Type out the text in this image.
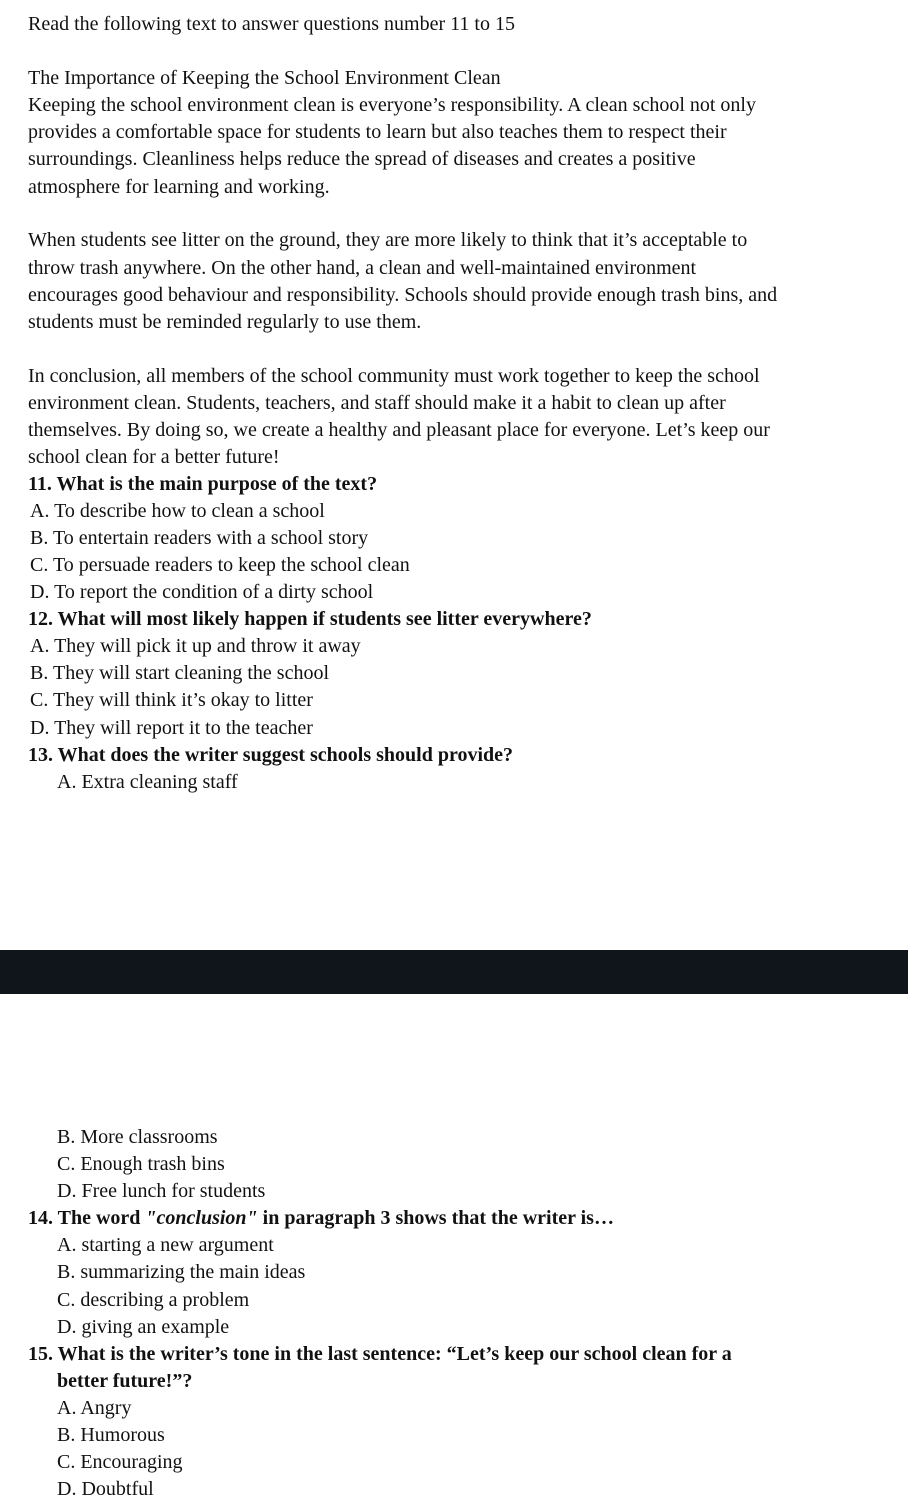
Read the following text to answer questions number 11 to 15
The Importance of Keeping the School Environment Clean
Keeping the school environment clean is everyone’s responsibility. A clean school not only
provides a comfortable space for students to learn but also teaches them to respect their
surroundings. Cleanliness helps reduce the spread of diseases and creates a positive
atmosphere for learning and working.
When students see litter on the ground, they are more likely to think that it’s acceptable to
throw trash anywhere. On the other hand, a clean and well-maintained environment
encourages good behaviour and responsibility. Schools should provide enough trash bins, and
students must be reminded regularly to use them.
In conclusion, all members of the school community must work together to keep the school
environment clean. Students, teachers, and staff should make it a habit to clean up after
themselves. By doing so, we create a healthy and pleasant place for everyone. Let’s keep our
school clean for a better future!
11. What is the main purpose of the text?
A. To describe how to clean a school
B. To entertain readers with a school story
C. To persuade readers to keep the school clean
D. To report the condition of a dirty school
12. What will most likely happen if students see litter everywhere?
A. They will pick it up and throw it away
B. They will start cleaning the school
C. They will think it’s okay to litter
D. They will report it to the teacher
13. What does the writer suggest schools should provide?
A. Extra cleaning staff
B. More classrooms
C. Enough trash bins
D. Free lunch for students
14. The word "conclusion" in paragraph 3 shows that the writer is…
A. starting a new argument
B. summarizing the main ideas
C. describing a problem
D. giving an example
15. What is the writer’s tone in the last sentence: “Let’s keep our school clean for a
better future!”?
A. Angry
B. Humorous
C. Encouraging
D. Doubtful
